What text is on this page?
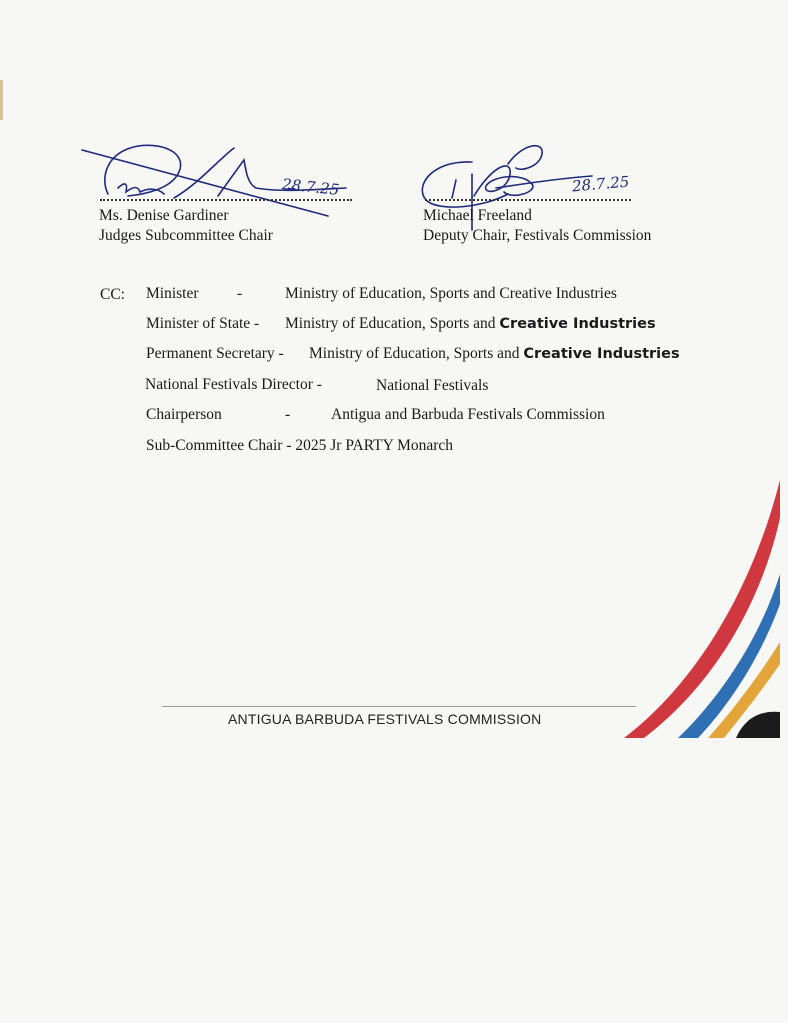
28.7.25
Ms. Denise Gardiner
Judges Subcommittee Chair
28.7.25
Michael Freeland
Deputy Chair, Festivals Commission
CC: Minister -	Ministry of Education, Sports and Creative Industries
Minister of State - Ministry of Education, Sports and Creative Industries
Permanent Secretary - Ministry of Education, Sports and Creative Industries
National Festivals Director -	National Festivals
Chairperson	-	Antigua and Barbuda Festivals Commission
Sub-Committee Chair - 2025 Jr PARTY Monarch
ANTIGUA BARBUDA FESTIVALS COMMISSION
